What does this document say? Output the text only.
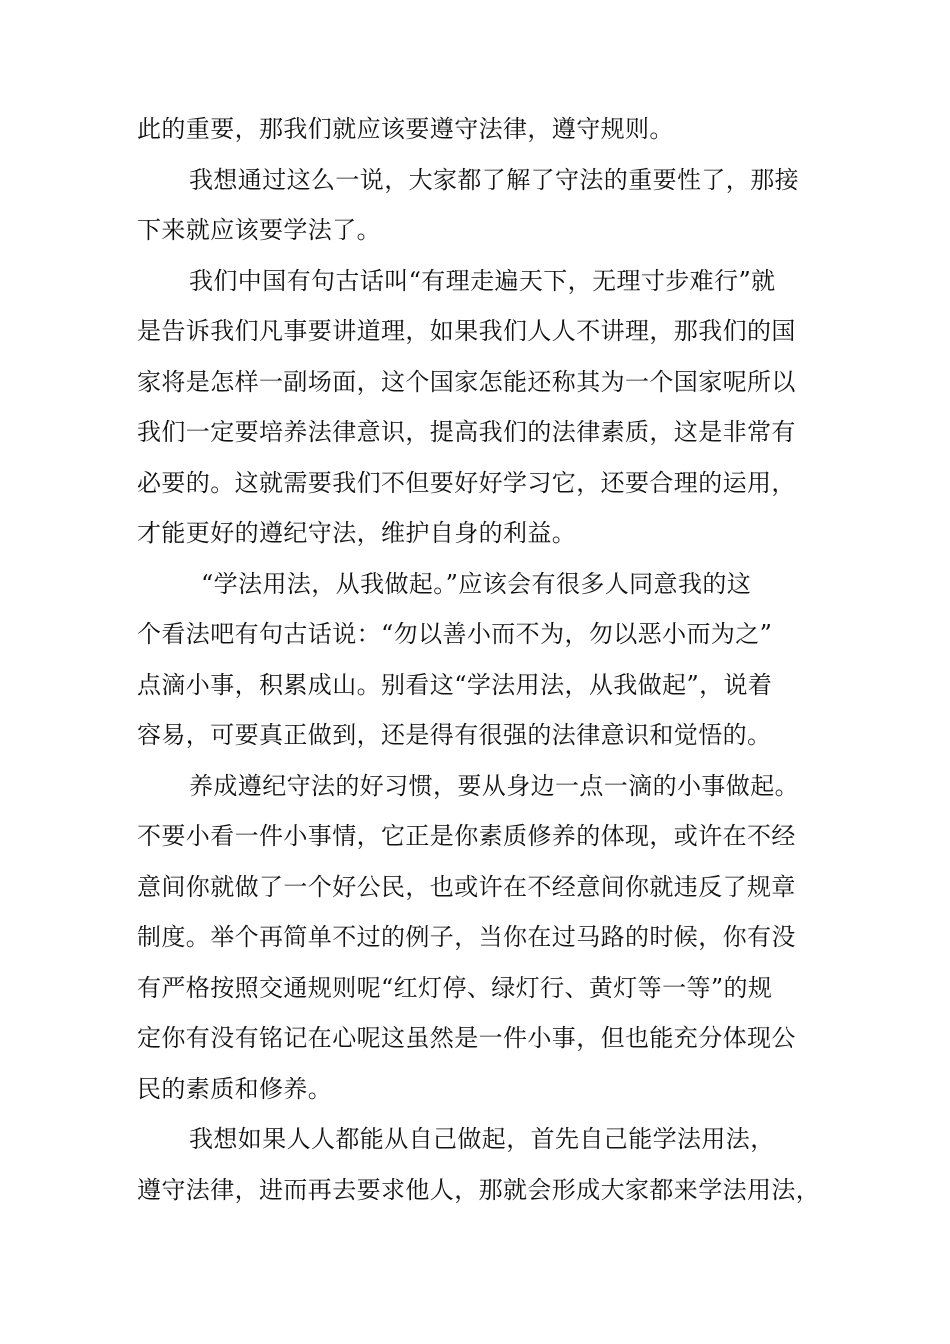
此的重要，那我们就应该要遵守法律，遵守规则。
我想通过这么一说，大家都了解了守法的重要性了，那接
下来就应该要学法了。
我们中国有句古话叫“有理走遍天下，无理寸步难行”就
是告诉我们凡事要讲道理，如果我们人人不讲理，那我们的国
家将是怎样一副场面，这个国家怎能还称其为一个国家呢所以
我们一定要培养法律意识，提高我们的法律素质，这是非常有
必要的。这就需要我们不但要好好学习它，还要合理的运用，
才能更好的遵纪守法，维护自身的利益。
“学法用法，从我做起。”应该会有很多人同意我的这
个看法吧有句古话说：“勿以善小而不为，勿以恶小而为之”
点滴小事，积累成山。别看这“学法用法，从我做起”，说着
容易，可要真正做到，还是得有很强的法律意识和觉悟的。
养成遵纪守法的好习惯，要从身边一点一滴的小事做起。
不要小看一件小事情，它正是你素质修养的体现，或许在不经
意间你就做了一个好公民，也或许在不经意间你就违反了规章
制度。举个再简单不过的例子，当你在过马路的时候，你有没
有严格按照交通规则呢“红灯停、绿灯行、黄灯等一等”的规
定你有没有铭记在心呢这虽然是一件小事，但也能充分体现公
民的素质和修养。
我想如果人人都能从自己做起，首先自己能学法用法，
遵守法律，进而再去要求他人，那就会形成大家都来学法用法，
